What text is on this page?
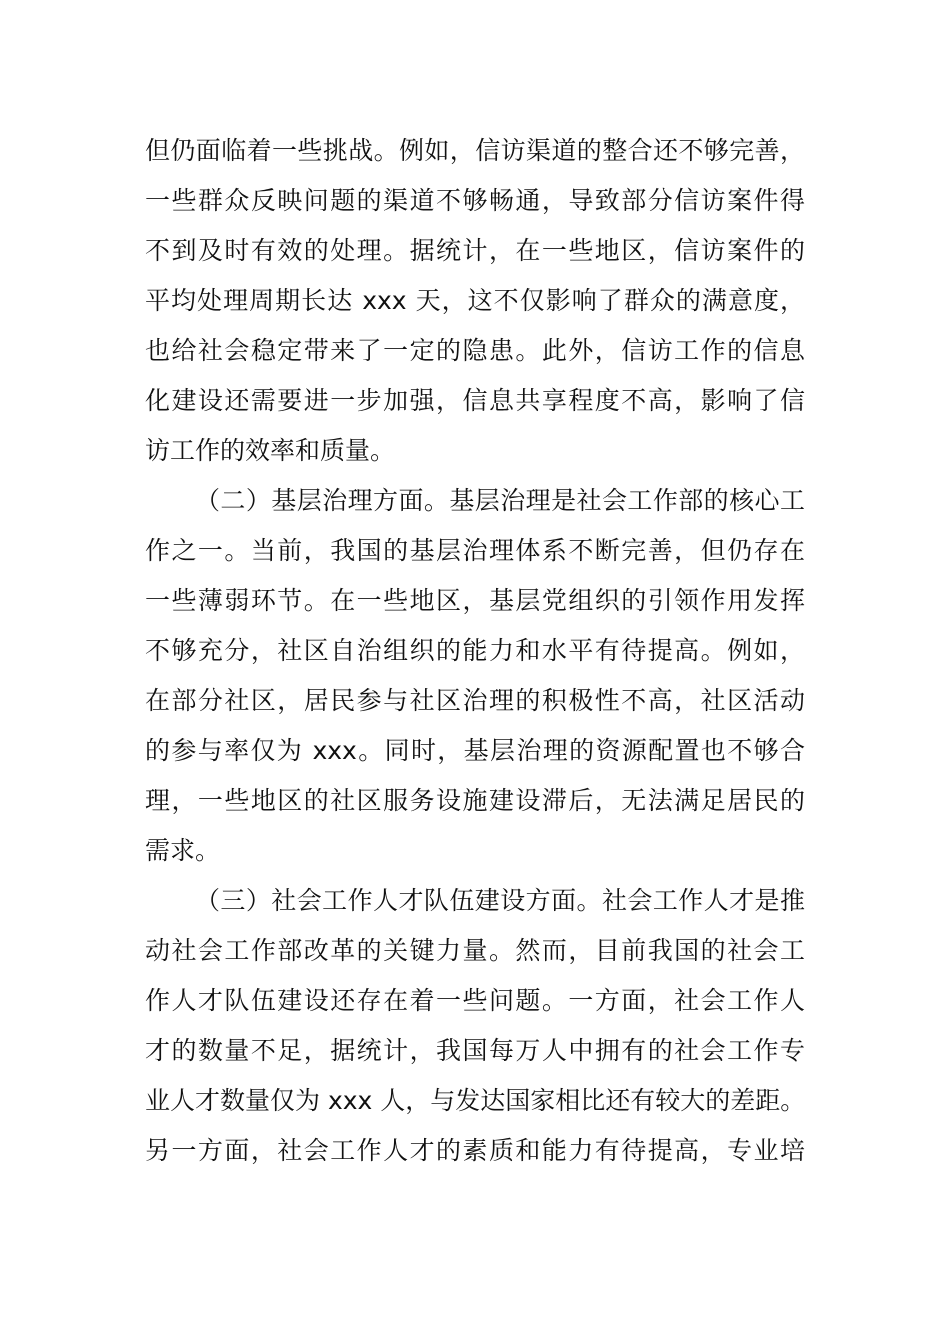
但仍面临着一些挑战。例如，信访渠道的整合还不够完善，
一些群众反映问题的渠道不够畅通，导致部分信访案件得
不到及时有效的处理。据统计，在一些地区，信访案件的
平均处理周期长达 xxx 天，这不仅影响了群众的满意度，
也给社会稳定带来了一定的隐患。此外，信访工作的信息
化建设还需要进一步加强，信息共享程度不高，影响了信
访工作的效率和质量。
（二）基层治理方面。基层治理是社会工作部的核心工
作之一。当前，我国的基层治理体系不断完善，但仍存在
一些薄弱环节。在一些地区，基层党组织的引领作用发挥
不够充分，社区自治组织的能力和水平有待提高。例如，
在部分社区，居民参与社区治理的积极性不高，社区活动
的参与率仅为 xxx。同时，基层治理的资源配置也不够合
理，一些地区的社区服务设施建设滞后，无法满足居民的
需求。
（三）社会工作人才队伍建设方面。社会工作人才是推
动社会工作部改革的关键力量。然而，目前我国的社会工
作人才队伍建设还存在着一些问题。一方面，社会工作人
才的数量不足，据统计，我国每万人中拥有的社会工作专
业人才数量仅为 xxx 人，与发达国家相比还有较大的差距。
另一方面，社会工作人才的素质和能力有待提高，专业培
